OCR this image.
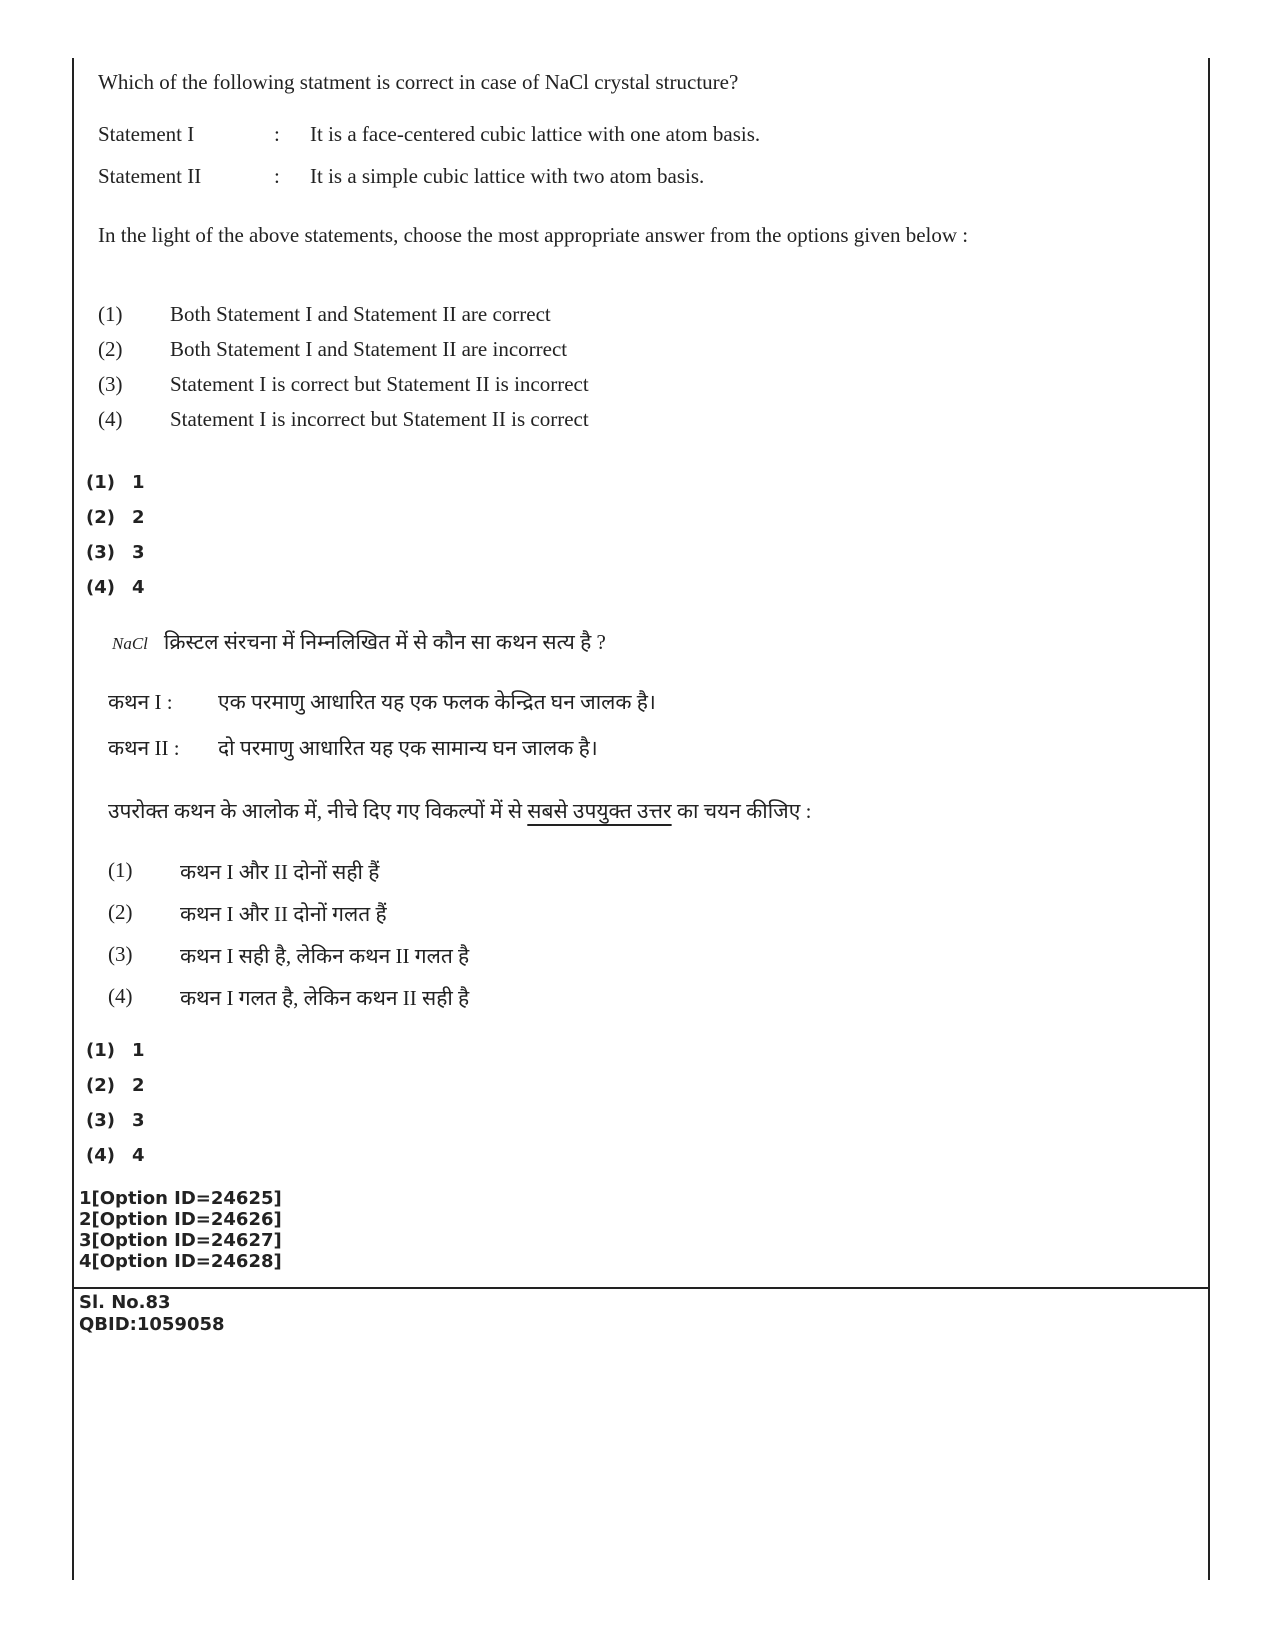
Which of the following statment is correct in case of NaCl crystal structure?
Statement I	: It is a face-centered cubic lattice with one atom basis.
Statement II	: It is a simple cubic lattice with two atom basis.
In the light of the above statements, choose the most appropriate answer from the options given below :
(1) Both Statement I and Statement II are correct
(2) Both Statement I and Statement II are incorrect
(3) Statement I is correct but Statement II is incorrect
(4) Statement I is incorrect but Statement II is correct
(1) 1
(2) 2
(3) 3
(4) 4
NaCl क्रिस्टल संरचना में निम्नलिखित में से कौन सा कथन सत्य है ?
कथन I : एक परमाणु आधारित यह एक फलक केन्द्रित घन जालक है।
कथन II : दो परमाणु आधारित यह एक सामान्य घन जालक है।
उपरोक्त कथन के आलोक में, नीचे दिए गए विकल्पों में से सबसे उपयुक्त उत्तर का चयन कीजिए :
(1) कथन I और II दोनों सही हैं
(2) कथन I और II दोनों गलत हैं
(3) कथन I सही है, लेकिन कथन II गलत है
(4) कथन I गलत है, लेकिन कथन II सही है
(1) 1
(2) 2
(3) 3
(4) 4
1[Option ID=24625]
2[Option ID=24626]
3[Option ID=24627]
4[Option ID=24628]
Sl. No.83
QBID:1059058
